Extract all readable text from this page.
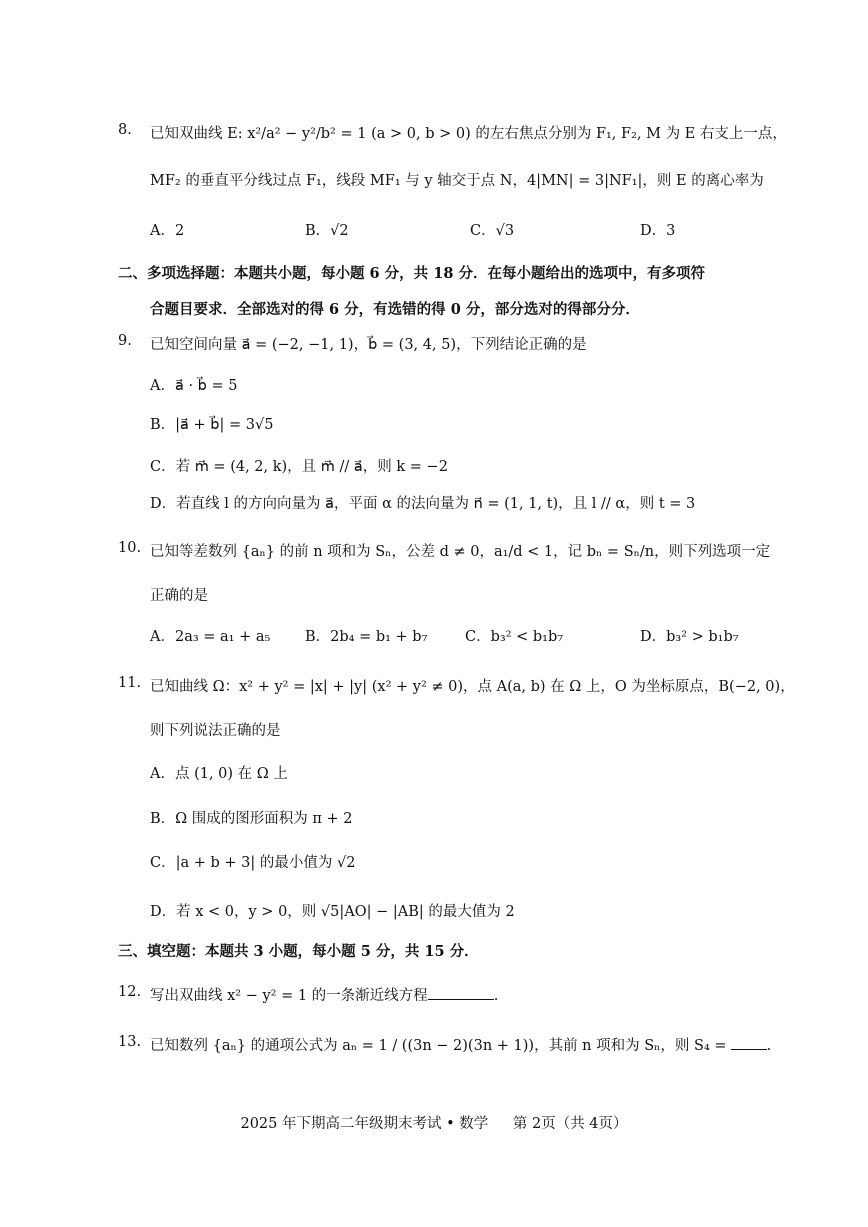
8. 已知双曲线 E: x²/a² − y²/b² = 1 (a > 0, b > 0) 的左右焦点分别为 F₁, F₂, M 为 E 右支上一点，
MF₂ 的垂直平分线过点 F₁，线段 MF₁ 与 y 轴交于点 N，4|MN| = 3|NF₁|，则 E 的离心率为
A．2	B．√2	C．√3	D．3
二、多项选择题：本题共小题，每小题 6 分，共 18 分．在每小题给出的选项中，有多项符
合题目要求．全部选对的得 6 分，有选错的得 0 分，部分选对的得部分分．
9. 已知空间向量 a⃗ = (−2, −1, 1)，b⃗ = (3, 4, 5)，下列结论正确的是
A．a⃗ · b⃗ = 5
B．|a⃗ + b⃗| = 3√5
C．若 m⃗ = (4, 2, k)，且 m⃗ // a⃗，则 k = −2
D．若直线 l 的方向向量为 a⃗，平面 α 的法向量为 n⃗ = (1, 1, t)，且 l // α，则 t = 3
10. 已知等差数列 {aₙ} 的前 n 项和为 Sₙ，公差 d ≠ 0，a₁/d < 1，记 bₙ = Sₙ/n，则下列选项一定
正确的是
A．2a₃ = a₁ + a₅ B．2b₄ = b₁ + b₇	C．b₃² < b₁b₇	D．b₃² > b₁b₇
11. 已知曲线 Ω：x² + y² = |x| + |y| (x² + y² ≠ 0)，点 A(a, b) 在 Ω 上，O 为坐标原点，B(−2, 0)，
则下列说法正确的是
A．点 (1, 0) 在 Ω 上
B．Ω 围成的图形面积为 π + 2
C．|a + b + 3| 的最小值为 √2
D．若 x < 0，y > 0，则 √5|AO| − |AB| 的最大值为 2
三、填空题：本题共 3 小题，每小题 5 分，共 15 分．
12. 写出双曲线 x² − y² = 1 的一条渐近线方程	.
13. 已知数列 {aₙ} 的通项公式为 aₙ = 1 / ((3n − 2)(3n + 1))，其前 n 项和为 Sₙ，则 S₄ =	.
2025 年下期高二年级期末考试 • 数学 第 2页（共 4页）
